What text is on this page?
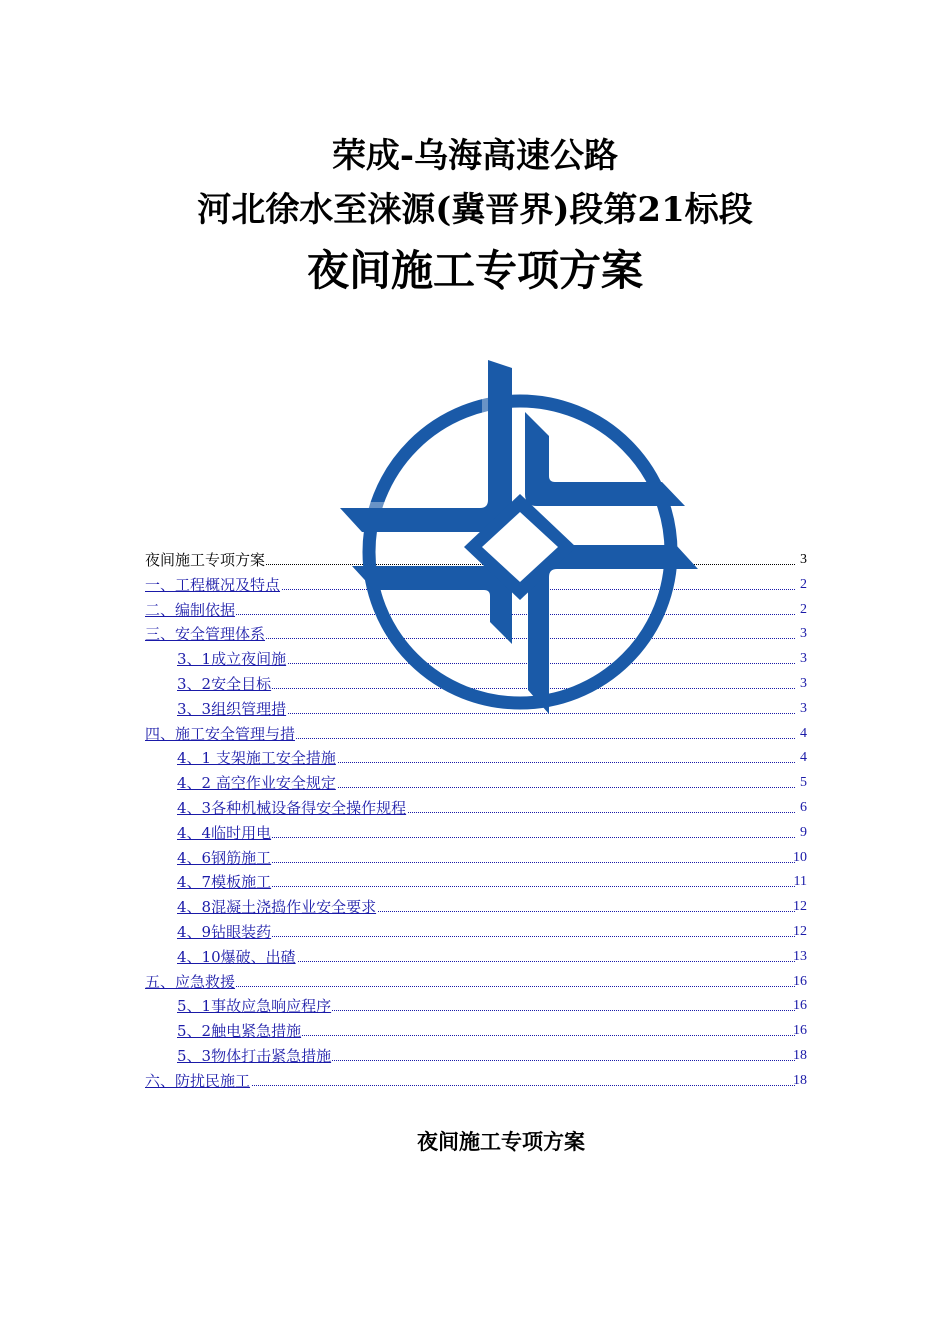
荣成-乌海高速公路
河北徐水至涞源(冀晋界)段第21标段
夜间施工专项方案
夜间施工专项方案	3
一、工程概况及特点	2
二、编制依据	2
三、安全管理体系	3
3、1成立夜间施	3
3、2安全目标	3
3、3组织管理措	3
四、施工安全管理与措	4
4、1 支架施工安全措施	4
4、2 高空作业安全规定	5
4、3各种机械设备得安全操作规程	6
4、4临时用电	9
4、6钢筋施工	10
4、7模板施工	11
4、8混凝土浇捣作业安全要求	12
4、9钻眼装药	12
4、10爆破、出碴	13
五、应急救援	16
5、1事故应急响应程序	16
5、2触电紧急措施	16
5、3物体打击紧急措施	18
六、防扰民施工	18
夜间施工专项方案
